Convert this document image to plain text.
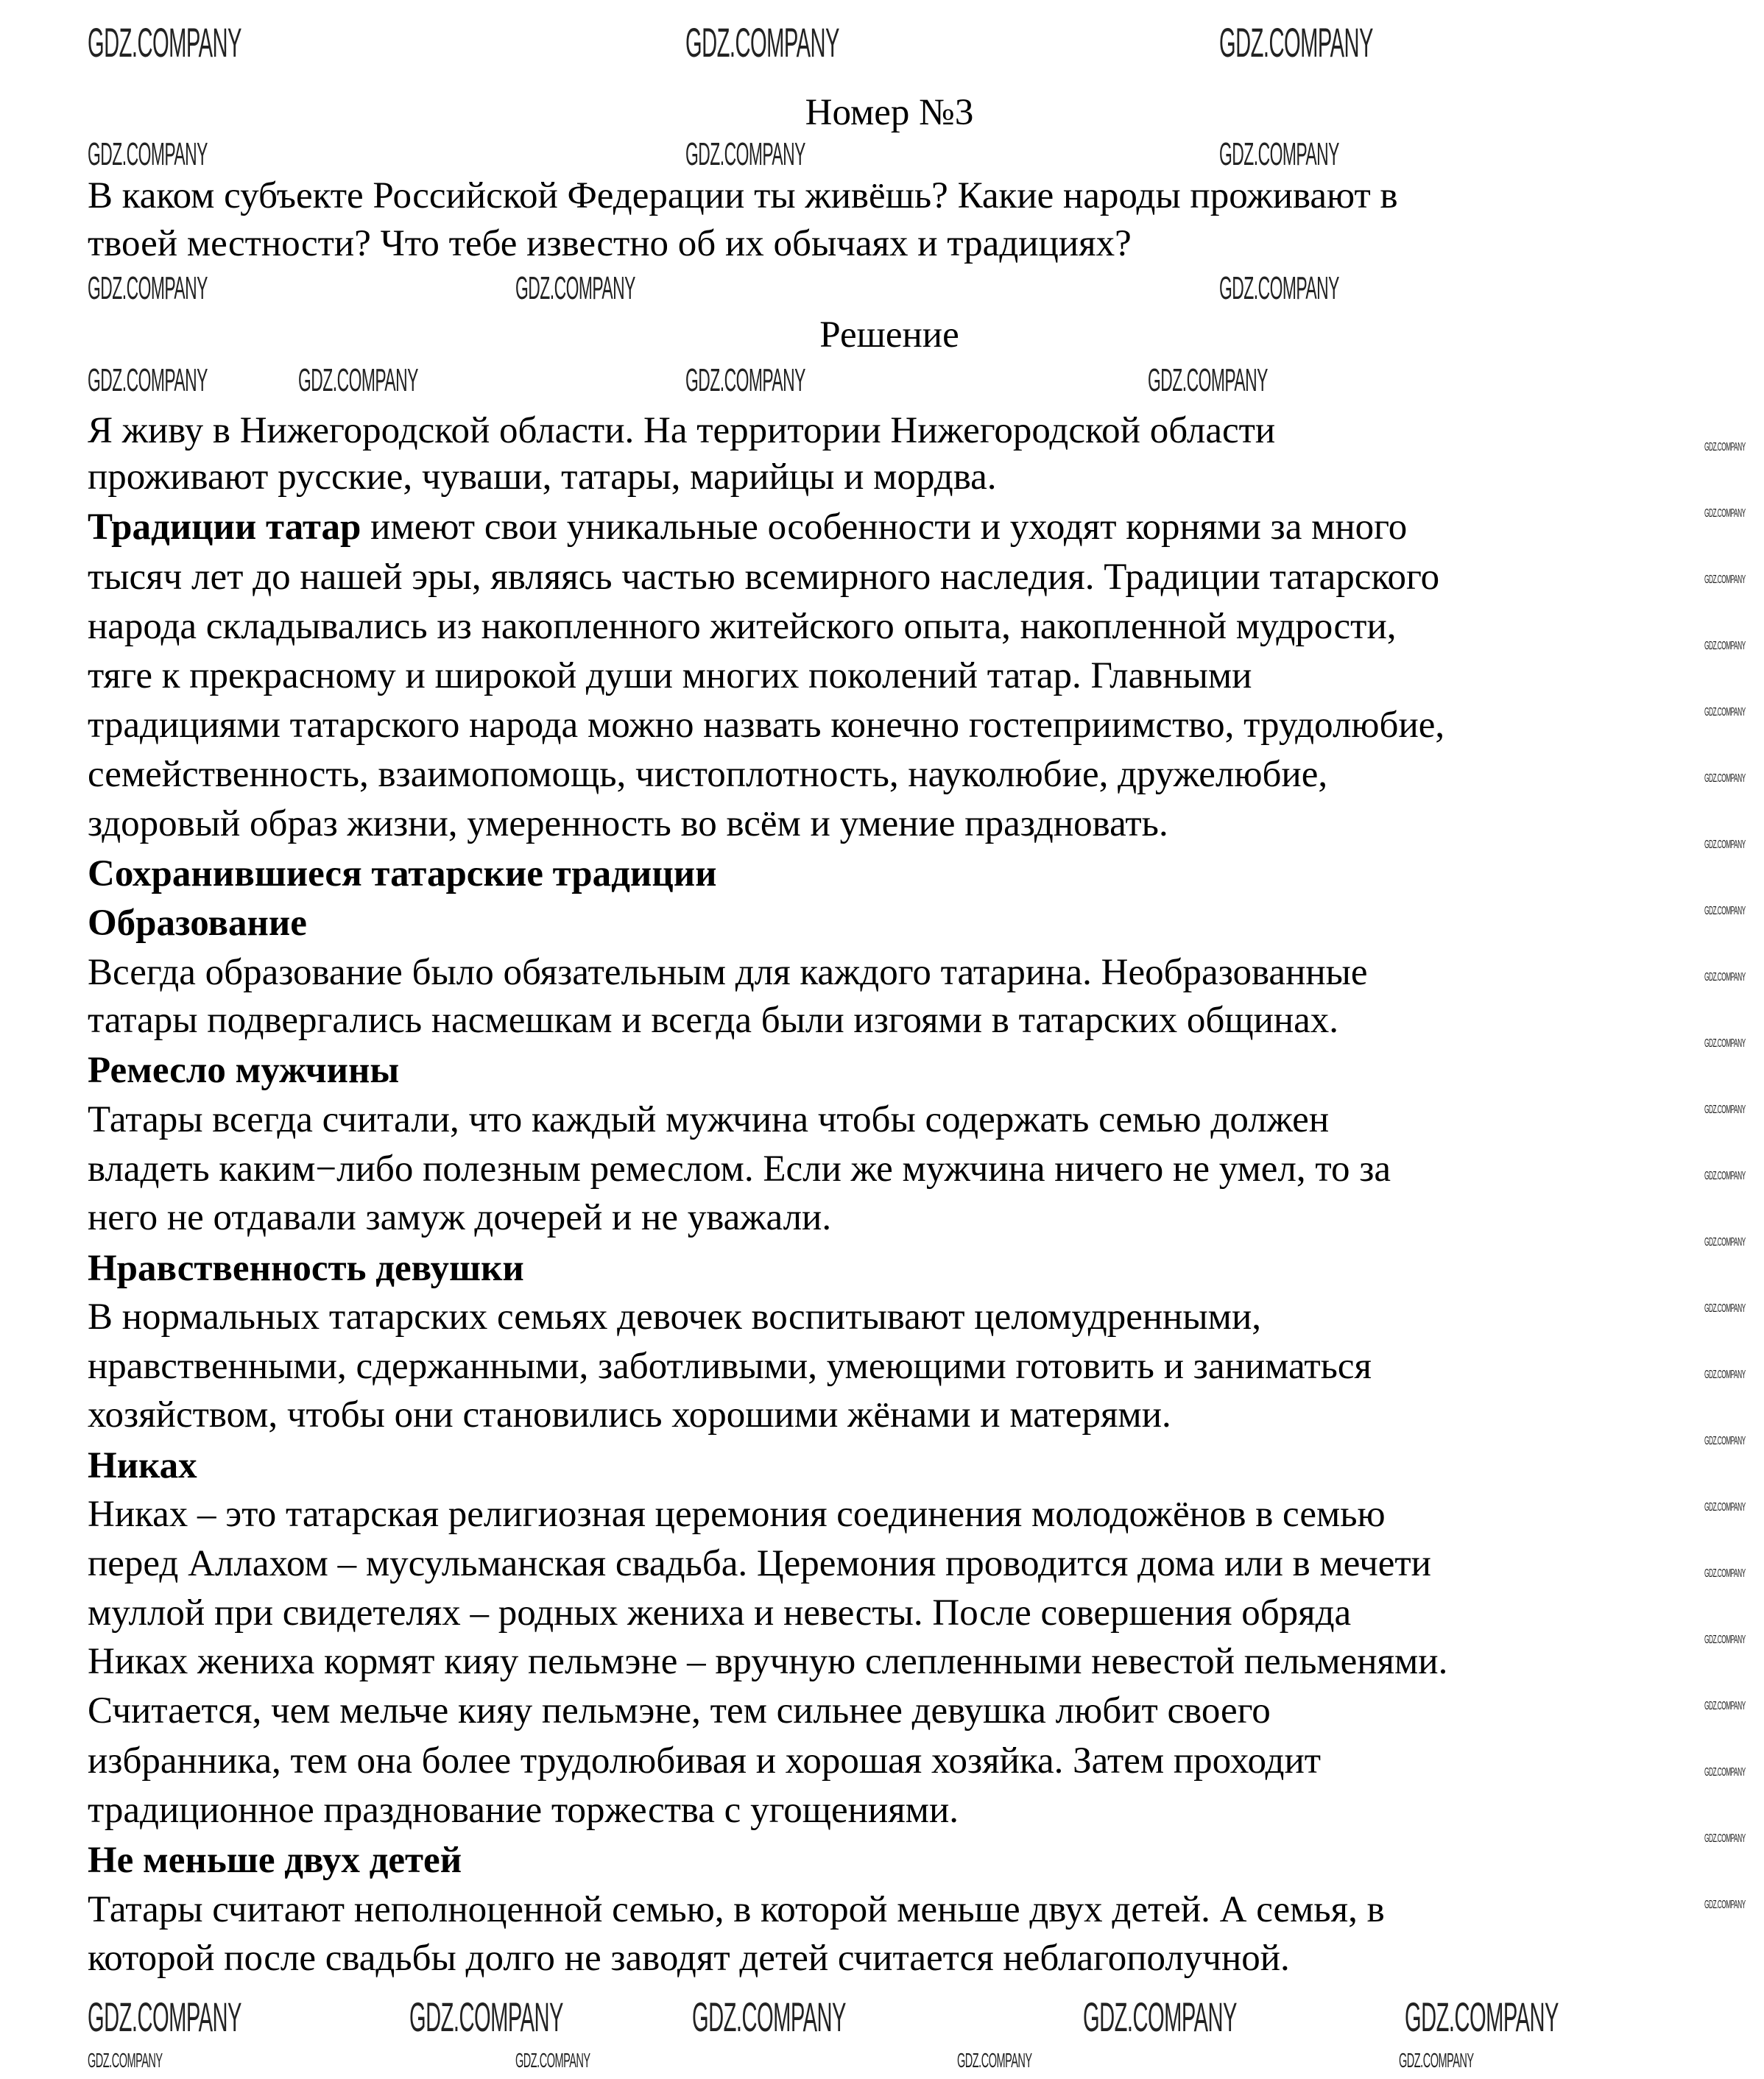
Номер №3
В каком субъекте Российской Федерации ты живёшь? Какие народы проживают в
твоей местности? Что тебе известно об их обычаях и традициях?
Решение
Я живу в Нижегородской области. На территории Нижегородской области
проживают русские, чуваши, татары, марийцы и мордва.
Традиции татар имеют свои уникальные особенности и уходят корнями за много
тысяч лет до нашей эры, являясь частью всемирного наследия. Традиции татарского
народа складывались из накопленного житейского опыта, накопленной мудрости,
тяге к прекрасному и широкой души многих поколений татар. Главными
традициями татарского народа можно назвать конечно гостеприимство, трудолюбие,
семейственность, взаимопомощь, чистоплотность, науколюбие, дружелюбие,
здоровый образ жизни, умеренность во всём и умение праздновать.
Сохранившиеся татарские традиции
Образование
Всегда образование было обязательным для каждого татарина. Необразованные
татары подвергались насмешкам и всегда были изгоями в татарских общинах.
Ремесло мужчины
Татары всегда считали, что каждый мужчина чтобы содержать семью должен
владеть каким−либо полезным ремеслом. Если же мужчина ничего не умел, то за
него не отдавали замуж дочерей и не уважали.
Нравственность девушки
В нормальных татарских семьях девочек воспитывают целомудренными,
нравственными, сдержанными, заботливыми, умеющими готовить и заниматься
хозяйством, чтобы они становились хорошими жёнами и матерями.
Никах
Никах – это татарская религиозная церемония соединения молодожёнов в семью
перед Аллахом – мусульманская свадьба. Церемония проводится дома или в мечети
муллой при свидетелях – родных жениха и невесты. После совершения обряда
Никах жениха кормят кияу пельмэне – вручную слепленными невестой пельменями.
Считается, чем мельче кияу пельмэне, тем сильнее девушка любит своего
избранника, тем она более трудолюбивая и хорошая хозяйка. Затем проходит
традиционное празднование торжества с угощениями.
Не меньше двух детей
Татары считают неполноценной семью, в которой меньше двух детей. А семья, в
которой после свадьбы долго не заводят детей считается неблагополучной.
GDZ.COMPANY	GDZ.COMPANY	GDZ.COMPANY
GDZ.COMPANY	GDZ.COMPANY	GDZ.COMPANY
GDZ.COMPANY	GDZ.COMPANY	GDZ.COMPANY
GDZ.COMPANY	GDZ.COMPANY	GDZ.COMPANY	GDZ.COMPANY
GDZ.COMPANY	GDZ.COMPANY	GDZ.COMPANY	GDZ.COMPANY	GDZ.COMPANY
GDZ.COMPANY	GDZ.COMPANY	GDZ.COMPANY	GDZ.COMPANY
GDZ.COMPANY
GDZ.COMPANY
GDZ.COMPANY
GDZ.COMPANY
GDZ.COMPANY
GDZ.COMPANY
GDZ.COMPANY
GDZ.COMPANY
GDZ.COMPANY
GDZ.COMPANY
GDZ.COMPANY
GDZ.COMPANY
GDZ.COMPANY
GDZ.COMPANY
GDZ.COMPANY
GDZ.COMPANY
GDZ.COMPANY
GDZ.COMPANY
GDZ.COMPANY
GDZ.COMPANY
GDZ.COMPANY
GDZ.COMPANY
GDZ.COMPANY
